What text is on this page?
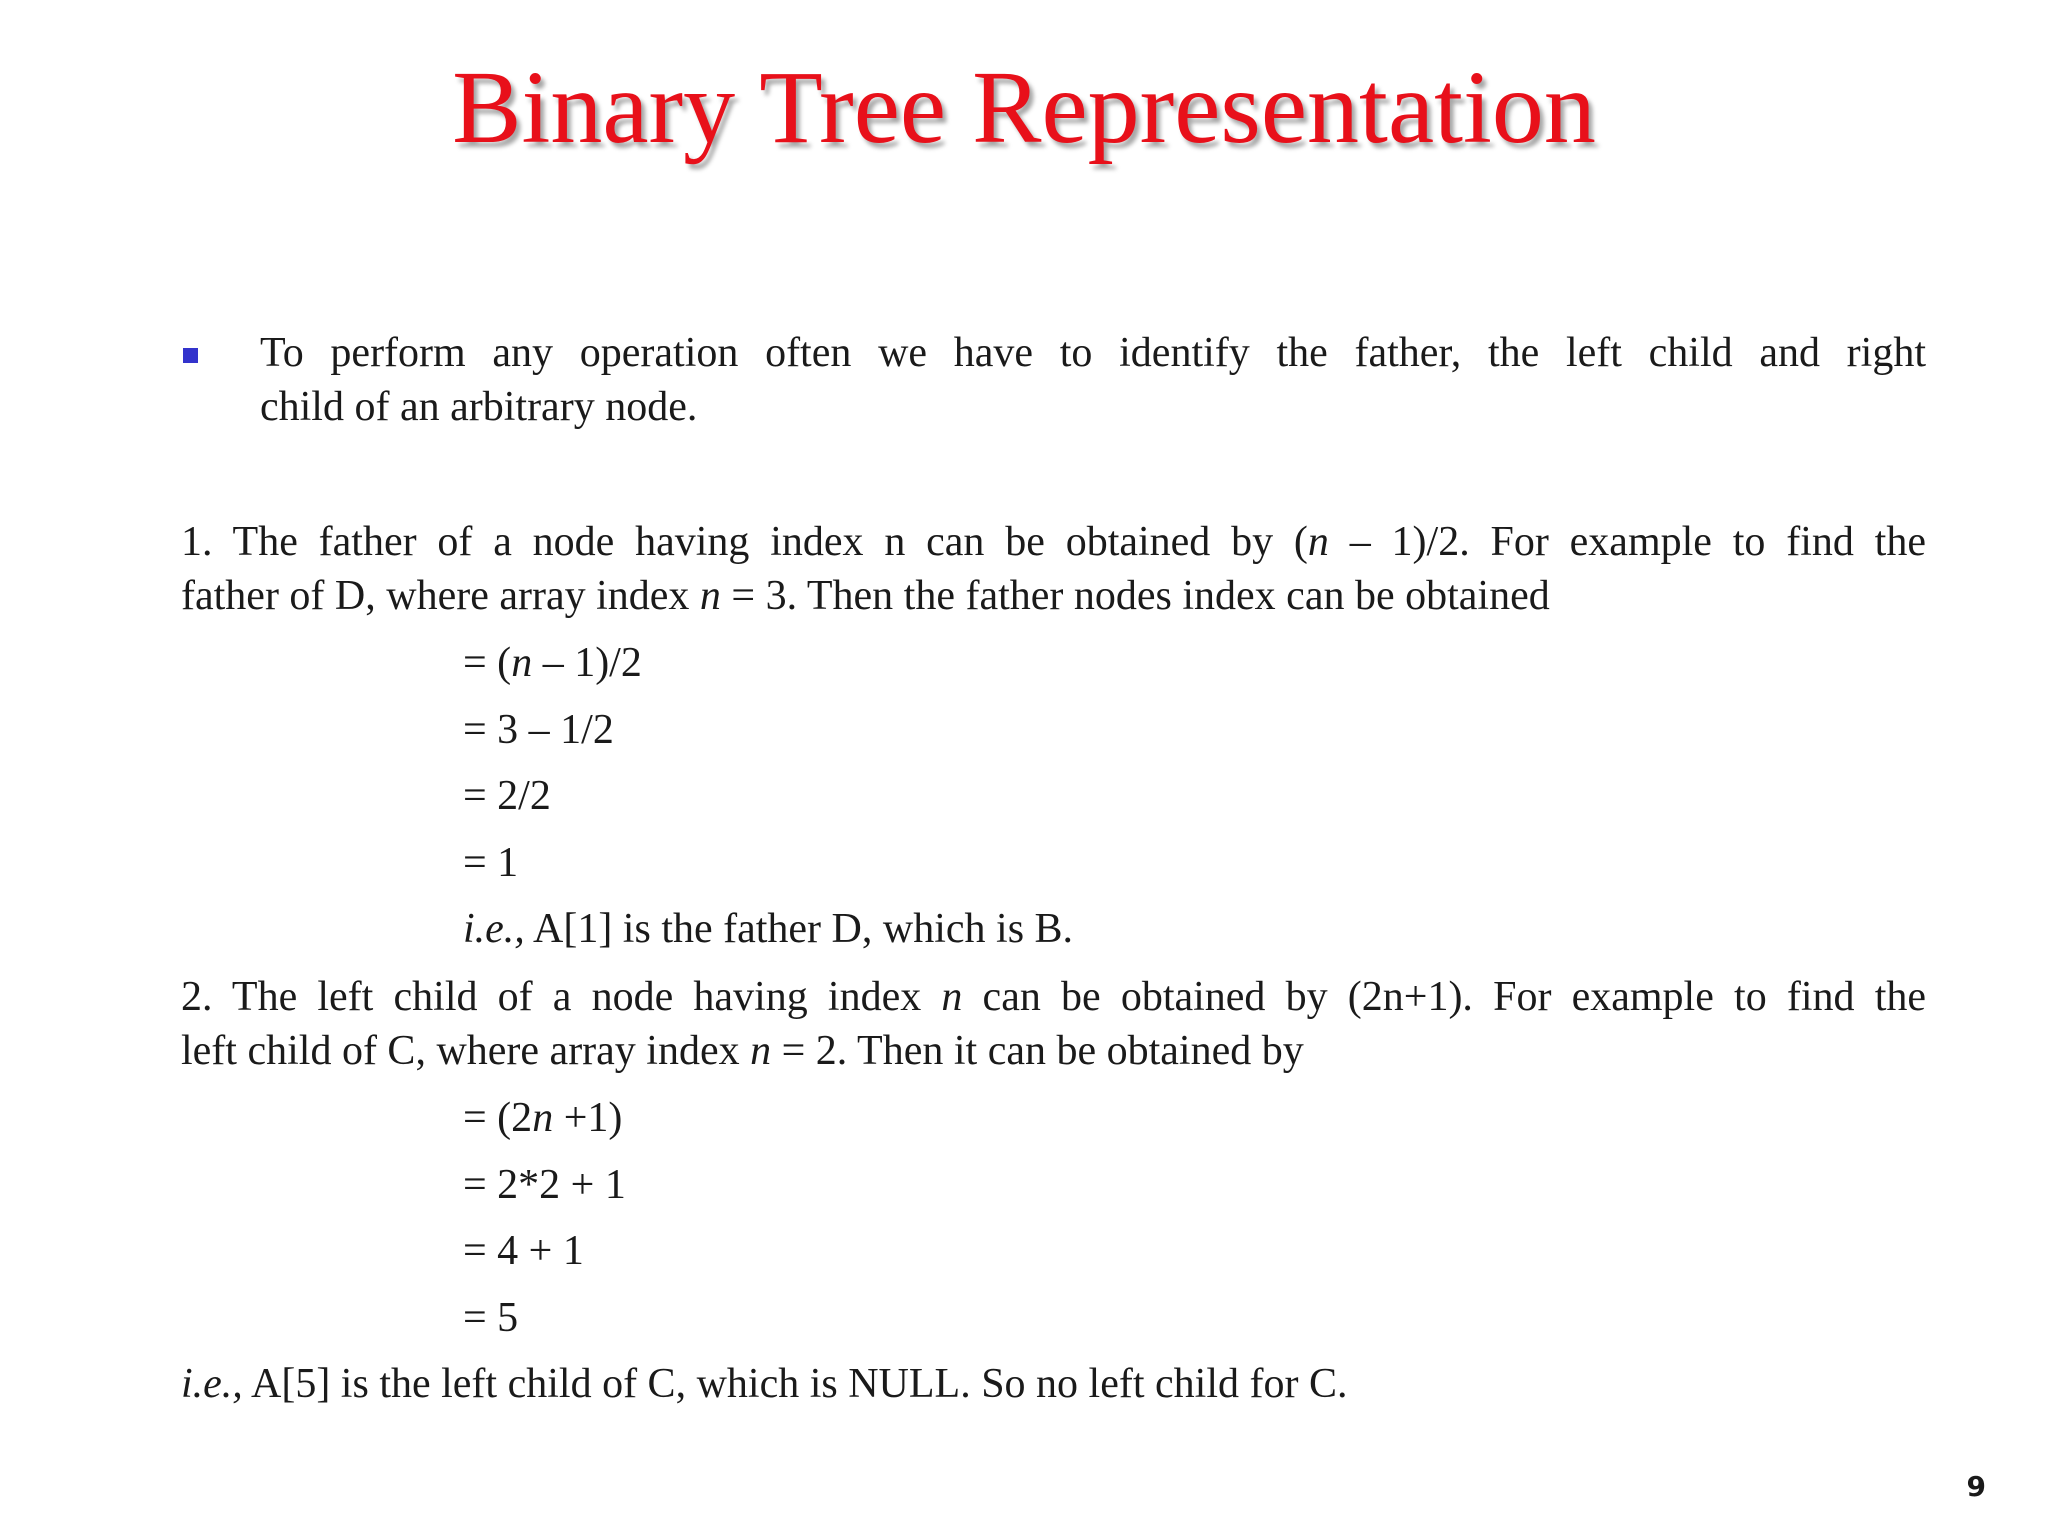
Binary Tree Representation
To perform any operation often we have to identify the father, the left child and right
child of an arbitrary node.
1. The father of a node having index n can be obtained by (n – 1)/2. For example to find the
father of D, where array index n = 3. Then the father nodes index can be obtained
= (n – 1)/2
= 3 – 1/2
= 2/2
= 1
i.e., A[1] is the father D, which is B.
2. The left child of a node having index n can be obtained by (2n+1). For example to find the
left child of C, where array index n = 2. Then it can be obtained by
= (2n +1)
= 2*2 + 1
= 4 + 1
= 5
i.e., A[5] is the left child of C, which is NULL. So no left child for C.
9
